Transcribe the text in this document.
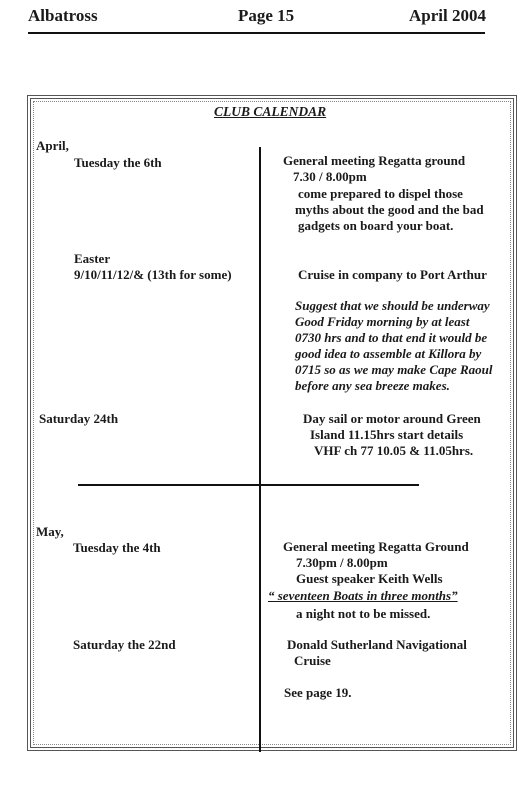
Albatross	Page 15	April 2004
CLUB CALENDAR
April,
Tuesday the 6th	General meeting Regatta ground
7.30 / 8.00pm
come prepared to dispel those
myths about the good and the bad
gadgets on board your boat.
Easter
9/10/11/12/& (13th for some)	Cruise in company to Port Arthur
Suggest that we should be underway
Good Friday morning by at least
0730 hrs and to that end it would be
good idea to assemble at Killora by
0715 so as we may make Cape Raoul
before any sea breeze makes.
Saturday 24th	Day sail or motor around Green
Island 11.15hrs start details
VHF ch 77 10.05 & 11.05hrs.
May,
Tuesday the 4th	General meeting Regatta Ground
7.30pm / 8.00pm
Guest speaker Keith Wells
“ seventeen Boats in three months”
a night not to be missed.
Saturday the 22nd	Donald Sutherland Navigational
Cruise
See page 19.
